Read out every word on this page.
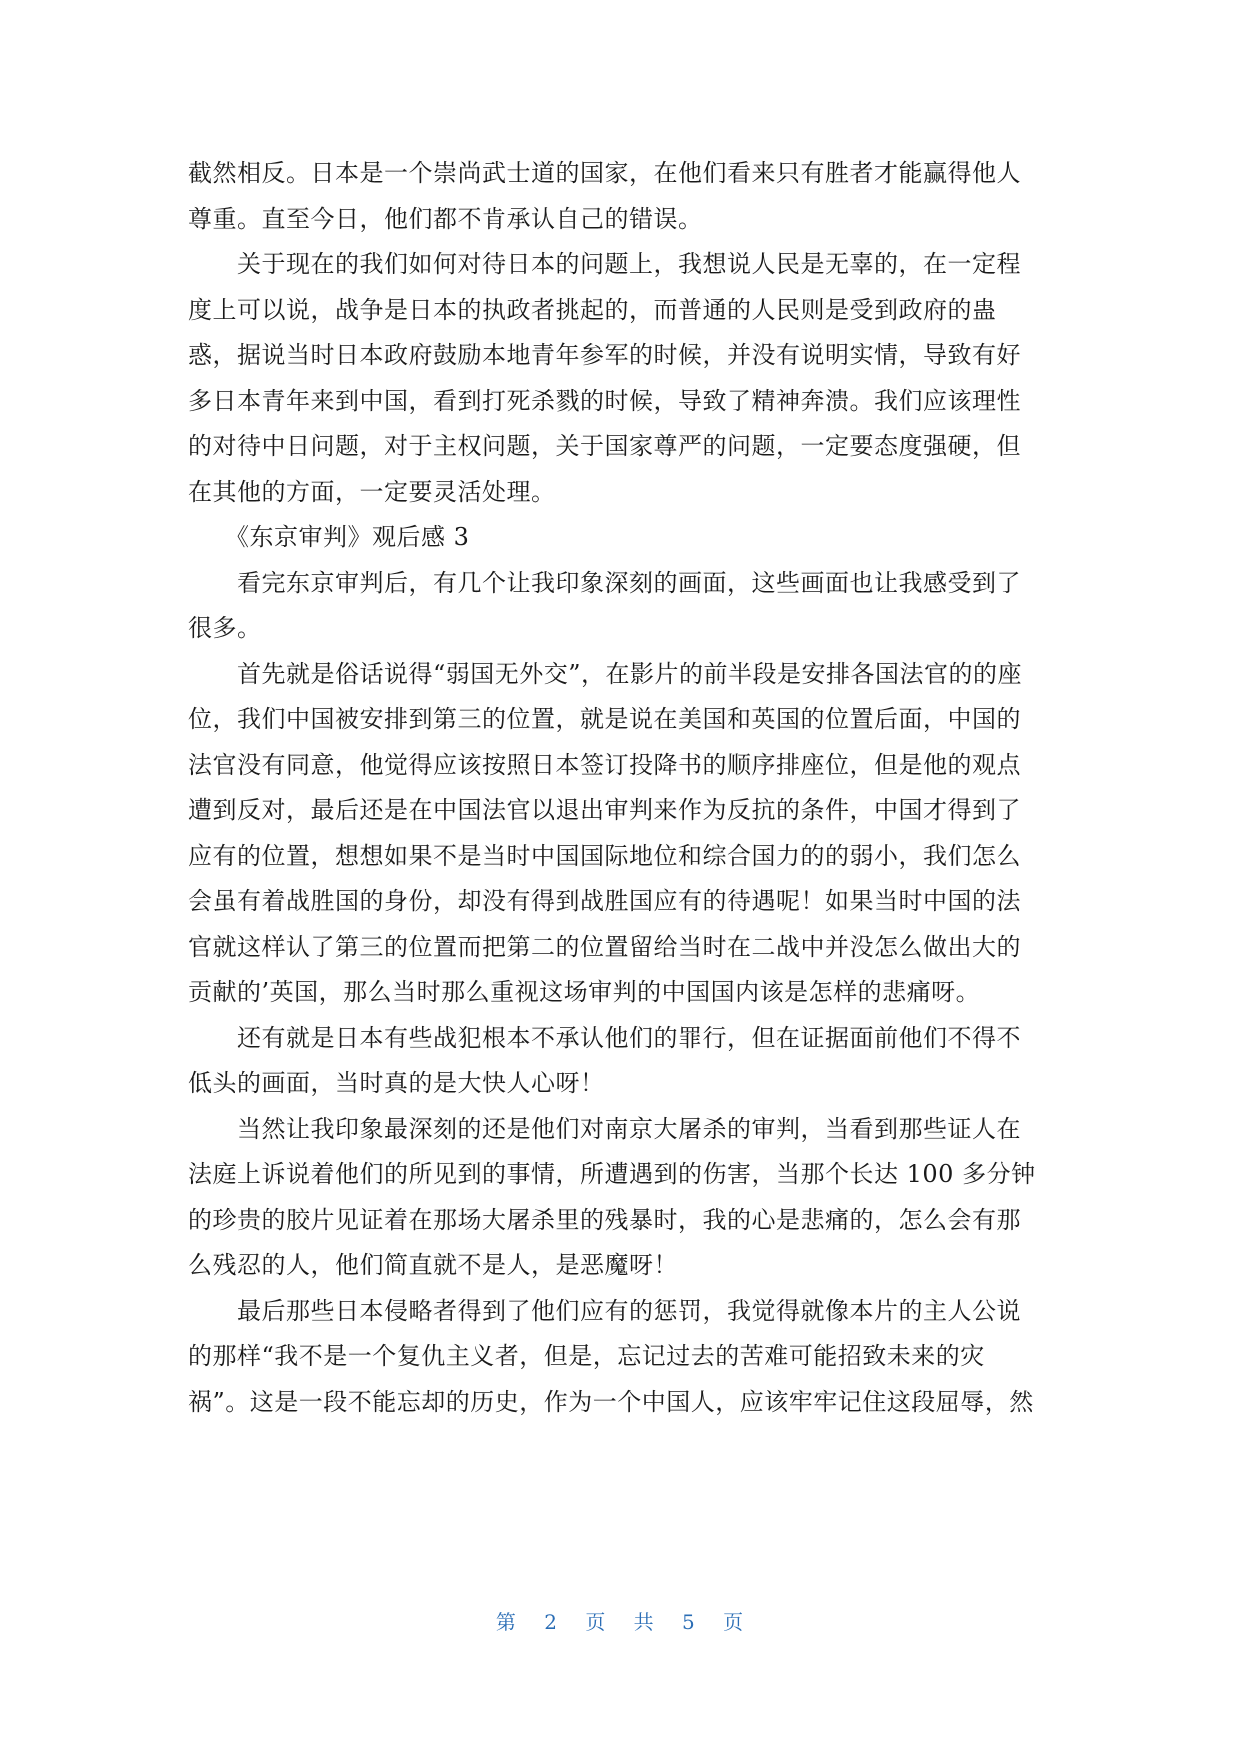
截然相反。日本是一个崇尚武士道的国家，在他们看来只有胜者才能赢得他人
尊重。直至今日，他们都不肯承认自己的错误。

　　关于现在的我们如何对待日本的问题上，我想说人民是无辜的，在一定程
度上可以说，战争是日本的执政者挑起的，而普通的人民则是受到政府的蛊
惑，据说当时日本政府鼓励本地青年参军的时候，并没有说明实情，导致有好
多日本青年来到中国，看到打死杀戮的时候，导致了精神奔溃。我们应该理性
的对待中日问题，对于主权问题，关于国家尊严的问题，一定要态度强硬，但
在其他的方面，一定要灵活处理。

　　《东京审判》观后感 3

　　看完东京审判后，有几个让我印象深刻的画面，这些画面也让我感受到了
很多。

　　首先就是俗话说得“弱国无外交”，在影片的前半段是安排各国法官的的座
位，我们中国被安排到第三的位置，就是说在美国和英国的位置后面，中国的
法官没有同意，他觉得应该按照日本签订投降书的顺序排座位，但是他的观点
遭到反对，最后还是在中国法官以退出审判来作为反抗的条件，中国才得到了
应有的位置，想想如果不是当时中国国际地位和综合国力的的弱小，我们怎么
会虽有着战胜国的身份，却没有得到战胜国应有的待遇呢！如果当时中国的法
官就这样认了第三的位置而把第二的位置留给当时在二战中并没怎么做出大的
贡献的’英国，那么当时那么重视这场审判的中国国内该是怎样的悲痛呀。

　　还有就是日本有些战犯根本不承认他们的罪行，但在证据面前他们不得不
低头的画面，当时真的是大快人心呀！

　　当然让我印象最深刻的还是他们对南京大屠杀的审判，当看到那些证人在
法庭上诉说着他们的所见到的事情，所遭遇到的伤害，当那个长达 100 多分钟
的珍贵的胶片见证着在那场大屠杀里的残暴时，我的心是悲痛的，怎么会有那
么残忍的人，他们简直就不是人，是恶魔呀！

　　最后那些日本侵略者得到了他们应有的惩罚，我觉得就像本片的主人公说
的那样“我不是一个复仇主义者，但是，忘记过去的苦难可能招致未来的灾
祸”。这是一段不能忘却的历史，作为一个中国人，应该牢牢记住这段屈辱，然

第 2 页 共 5 页
